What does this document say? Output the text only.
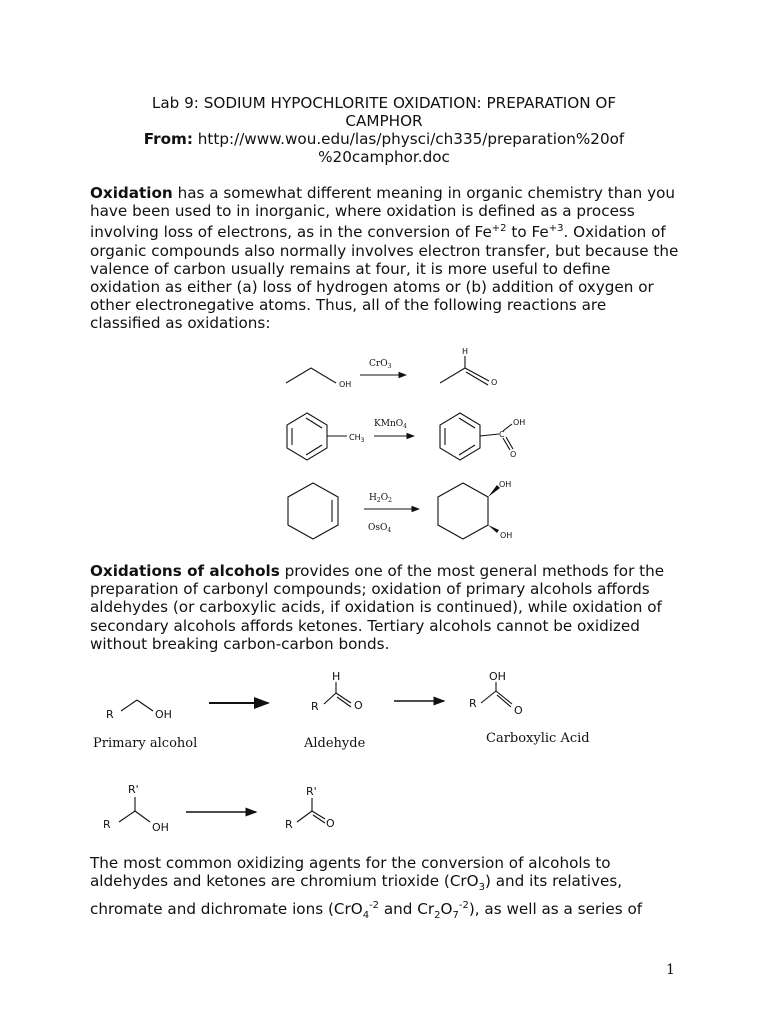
Lab 9: SODIUM HYPOCHLORITE OXIDATION: PREPARATION OF
CAMPHOR
From: http://www.wou.edu/las/physci/ch335/preparation%20of
%20camphor.doc
Oxidation has a somewhat different meaning in organic chemistry than you
have been used to in inorganic, where oxidation is defined as a process
involving loss of electrons, as in the conversion of $Fe^{+2}$ to $Fe^{+3}$. Oxidation of
organic compounds also normally involves electron transfer, but because the
valence of carbon usually remains at four, it is more useful to define
oxidation as either (a) loss of hydrogen atoms or (b) addition of oxygen or
other electronegative atoms. Thus, all of the following reactions are
classified as oxidations:
Oxidations of alcohols provides one of the most general methods for the
preparation of carbonyl compounds; oxidation of primary alcohols affords
aldehydes (or carboxylic acids, if oxidation is continued), while oxidation of
secondary alcohols affords ketones. Tertiary alcohols cannot be oxidized
without breaking carbon-carbon bonds.
The most common oxidizing agents for the conversion of alcohols to
aldehydes and ketones are chromium trioxide (CrO$_3$) and its relatives,
chromate and dichromate ions (CrO$_4^{-2}$ and $Cr_2O_7^{-2}$), as well as a series of
CrO$_3$
OH
H
O
KMnO$_4$
$CH_3$
OH
C
O
$H_2O_2$
OsO$_4$
OH
OH
R	OH
H
R	O
OH
R
O
Primary alcohol	Aldehyde	Carboxylic Acid
R'
R	OH
R'
R	O
1
